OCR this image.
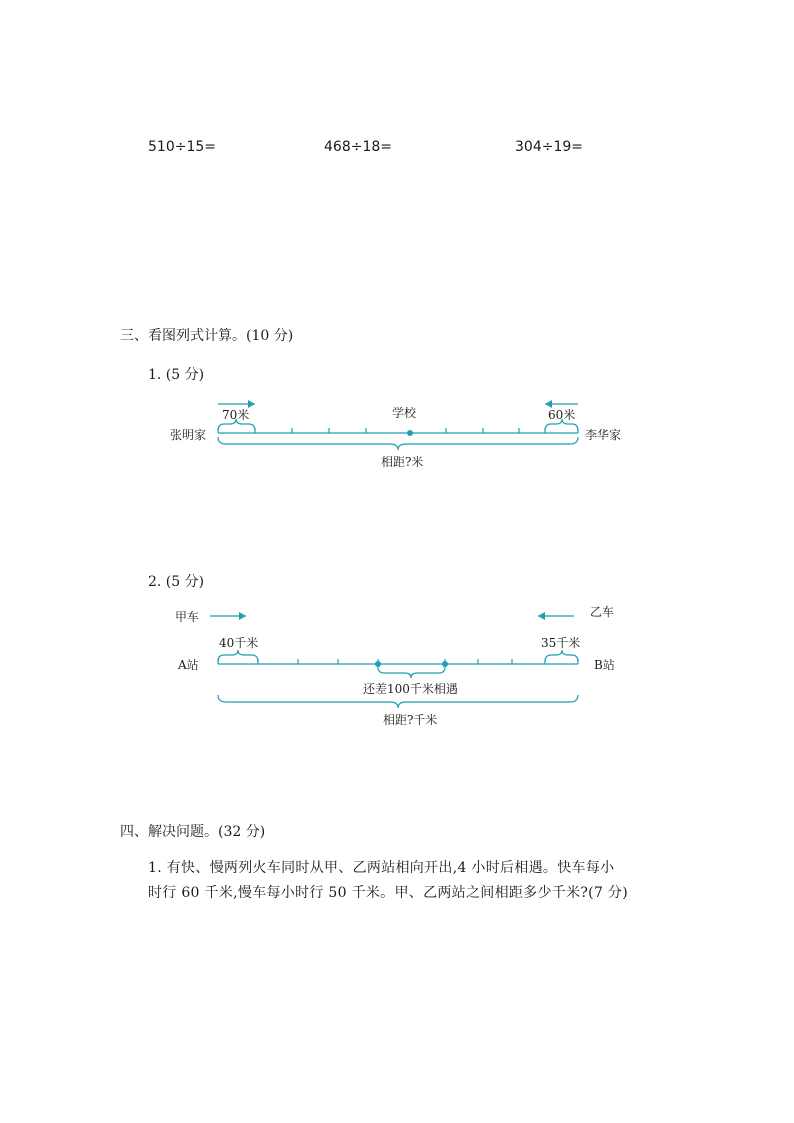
510÷15=	468÷18=	304÷19=
三、看图列式计算。(10 分)
1. (5 分)
70米	60米
学校
张明家	李华家
相距?米
2. (5 分)
甲车	乙车
40千米	35千米
A站	B站
还差100千米相遇
相距?千米
四、解决问题。(32 分)
1. 有快、慢两列火车同时从甲、乙两站相向开出,4 小时后相遇。快车每小
时行 60 千米,慢车每小时行 50 千米。甲、乙两站之间相距多少千米?(7 分)
